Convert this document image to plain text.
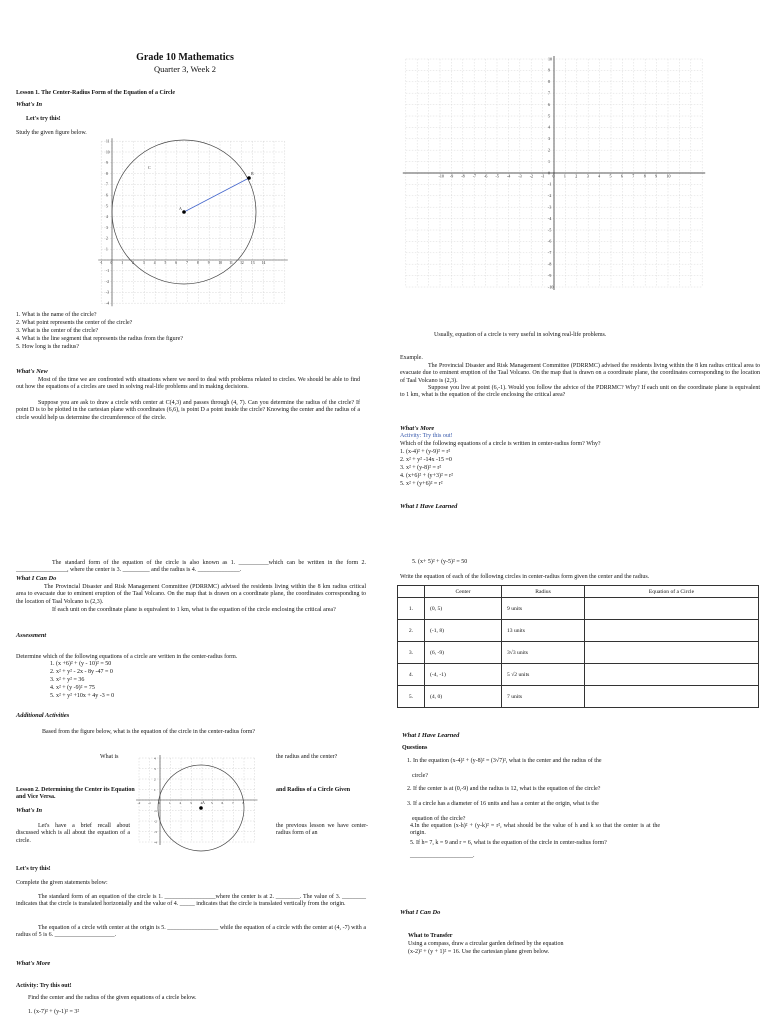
Grade 10 Mathematics
Quarter 3, Week 2
Lesson 1. The Center-Radius Form of the Equation of a Circle
What's In
Let's try this!
Study the given figure below.
-1 0	1	2	3	4	5	6	7	8	9	10 11 12 13 14
11
10
9
8
7
6
5
4
3
2
1
-1
-2
-3
-4
A
B
C
1. What is the name of the circle?
2. What point represents the center of the circle?
3. What is the center of the circle?
4. What is the line segment that represents the radius from the figure?
5. How long is the radius?
What's New
Most of the time we are confronted with situations where we need to deal with problems related to circles. We should be able to find out how the equations of a circles are used in solving real-life problems and in making decisions.
Suppose you are ask to draw a circle with center at C(4,3) and passes through (4, 7). Can you determine the radius of the circle? If point D is to be plotted in the cartesian plane with coordinates (6,6), is point D a point inside the circle? Knowing the center and the radius of a circle would help us determine the circumference of the circle.
-10 -9 -8 -7 -6 -5 -4 -3 -2 -1 0 1 2 3 4 5 6 7 8 9 10
10
9
8
7
6
5
4
3
2
1
0
-1
-2
-3
-4
-5
-6
-7
-8
-9
-10
Usually, equation of a circle is very useful in solving real-life problems.
Example.
The Provincial Disaster and Risk Management Committee (PDRRMC) advised the residents living within the 8 km radius critical area to evacuate due to eminent eruption of the Taal Volcano. On the map that is drawn on a coordinate plane, the coordinates corresponding to the location of Taal Volcano is (2,3).
Suppose you live at point (6,-1). Would you follow the advice of the PDRRMC? Why? If each unit on the coordinate plane is equivalent to 1 km, what is the equation of the circle enclosing the critical area?
What's More
Activity: Try this out!
Which of the following equations of a circle is written in center-radius form? Why?
1. (x-4)² + (y-9)² = r²
2. x² + y² -14x -15 =0
3. x² + (y-8)² = r²
4. (x+6)² + (y+3)² = r²
5. x² + (y+6)² = r²
What I Have Learned
The standard form of the equation of the circle is also known as 1. __________which can be written in the form 2. _________________, where the center is 3. _________ and the radius is 4. ______________.
What I Can Do
The Provincial Disaster and Risk Management Committee (PDRRMC) advised the residents living within the 8 km radius critical area to evacuate due to eminent eruption of the Taal Volcano. On the map that is drawn on a coordinate plane, the coordinates corresponding to the location of Taal Volcano is (2,3).
If each unit on the coordinate plane is equivalent to 1 km, what is the equation of the circle enclosing the critical area?
Assessment
Determine which of the following equations of a circle are written in the center-radius form.
1. (x +6)² + (y - 10)² = 50
2. x² + y² - 2x - 8y -47 = 0
3. x² + y² = 36
4. x² + (y -9)² = 75
5. x² + y² +10x + 4y -3 = 0
Additional Activities
Based from the figure below, what is the equation of the circle in the center-radius form?
What is	the radius and the center?
-2 -1 0	1	2	3	4	5	6	7	8
4
3
2
1
-1
-2
-3
-4
A
Lesson 2. Determining the Center its Equation and Vice Versa.
and Radius of a Circle Given
What's In
Let's have a brief recall about discussed which is all about the equation of a circle.
the previous lesson we have center-radius form of an
Let's try this!
Complete the given statements below:
The standard form of an equation of the circle is 1. _________________where the center is at 2. ________. The value of 3. ________ indicates that the circle is translated horizontally and the value of 4. _____ indicates that the circle is translated vertically from the origin.
The equation of a circle with center at the origin is 5. _________________ while the equation of a circle with the center at (4, -7) with a radius of 5 is 6. ____________________.
What's More
Activity: Try this out!
Find the center and the radius of the given equations of a circle below.
1. (x-7)² + (y-1)² = 3²
5. (x+ 5)² + (y-5)² = 50
Write the equation of each of the following circles in center-radius form given the center and the radius.
	Center	Radius	Equation of a Circle
1.	(0, 5)	9 units	
2.	(-1, 8)	13 units	
3.	(6, -9)	3√3 units	
4.	(-4, -1)	5 √2 units	
5.	(4, 0)	7 units	
What I Have Learned
Questions
1. In the equation (x-4)² + (y-8)² = (3√7)², what is the center and the radius of the
circle?
2. If the center is at (0,-9) and the radius is 12, what is the equation of the circle?
3. If a circle has a diameter of 16 units and has a center at the origin, what is the
equation of the circle?
4.In the equation (x-h)² + (y-k)² = r², what should be the value of h and k so that the center is at the origin.
5. If h= 7, k = 9 and r = 6, what is the equation of the circle in center-radius form?
_____________________.
What I Can Do
What to Transfer
Using a compass, draw a circular garden defined by the equation
(x-2)² + (y + 1)² = 16. Use the cartesian plane given below.
